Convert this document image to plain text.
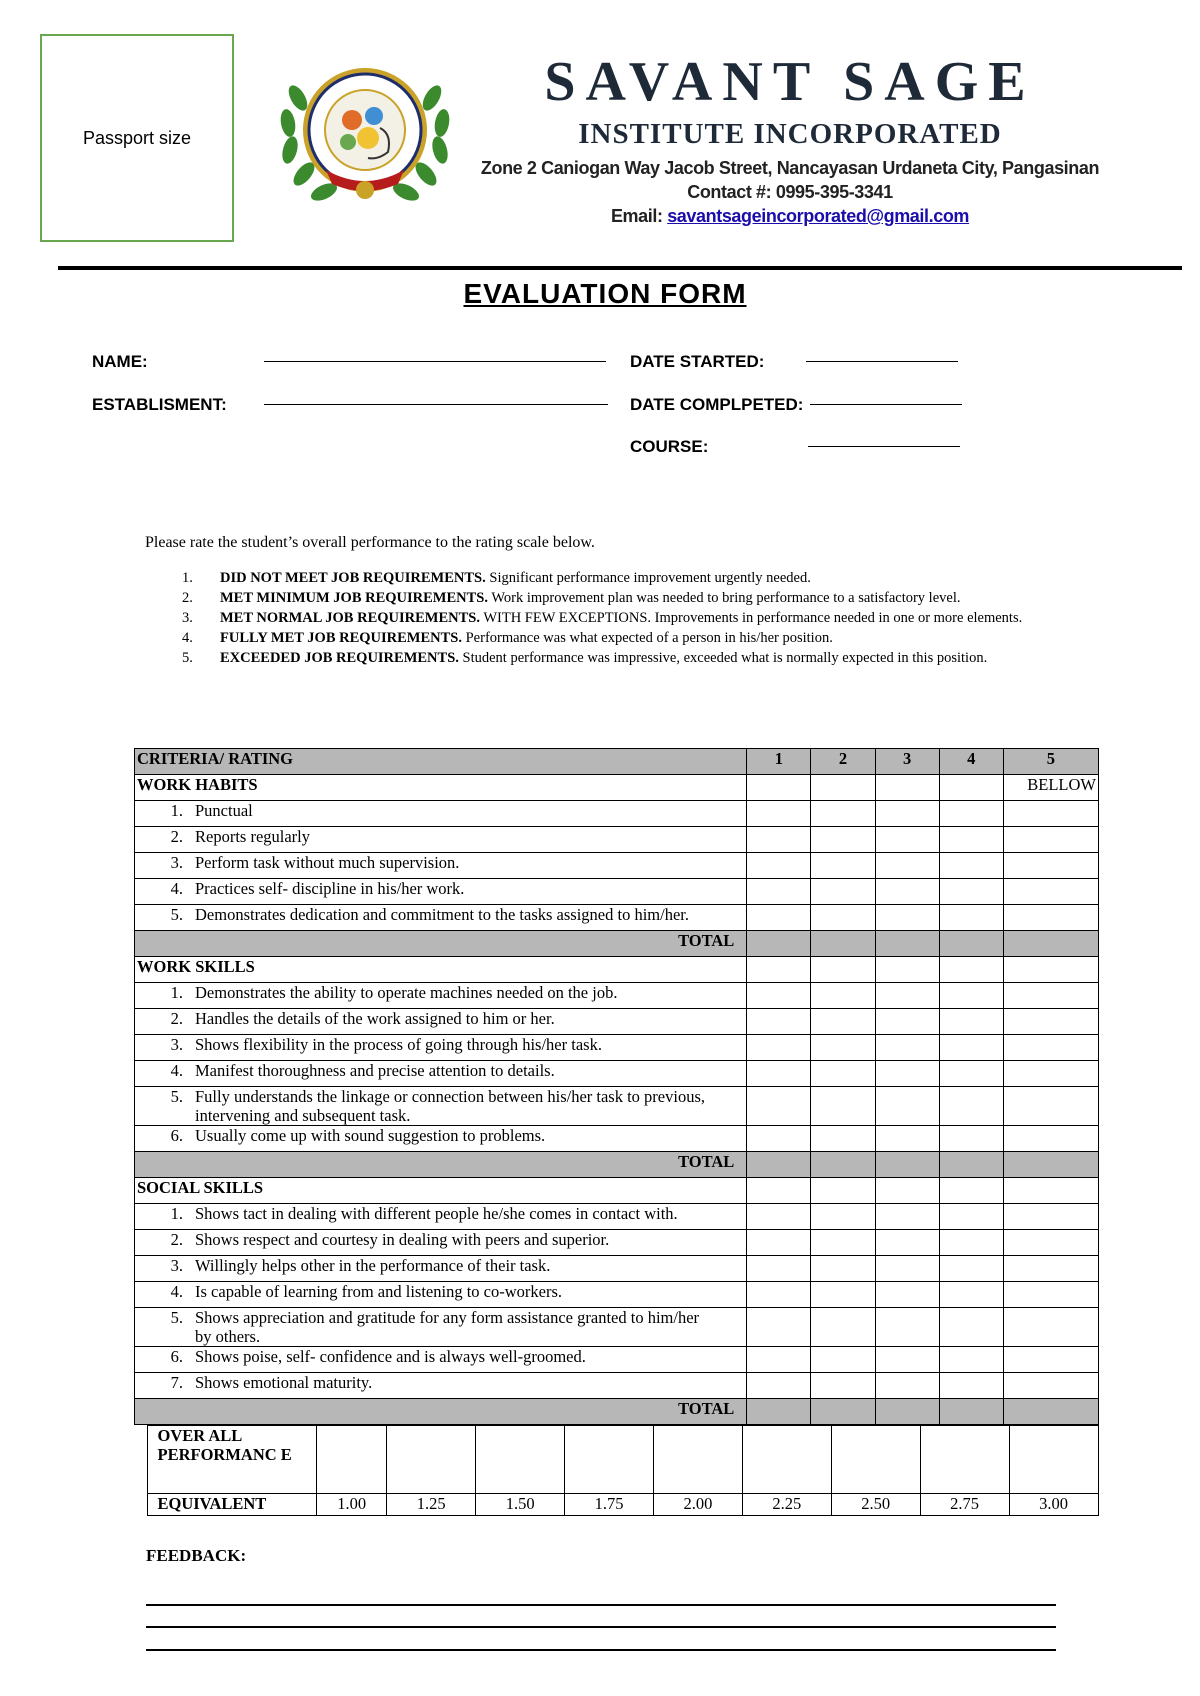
Passport size
SAVANT SAGE
INSTITUTE INCORPORATED
Zone 2 Caniogan Way Jacob Street, Nancayasan Urdaneta City, Pangasinan
Contact #: 0995-395-3341
Email: savantsageincorporated@gmail.com
EVALUATION FORM
NAME:
ESTABLISMENT:
DATE STARTED:
DATE COMPLPETED:
COURSE:
Please rate the student’s overall performance to the rating scale below.
1.	DID NOT MEET JOB REQUIREMENTS. Significant performance improvement urgently needed.
2.	MET MINIMUM JOB REQUIREMENTS. Work improvement plan was needed to bring performance to a satisfactory level.
3.	MET NORMAL JOB REQUIREMENTS. WITH FEW EXCEPTIONS. Improvements in performance needed in one or more elements.
4.	FULLY MET JOB REQUIREMENTS. Performance was what expected of a person in his/her position.
5.	EXCEEDED JOB REQUIREMENTS. Student performance was impressive, exceeded what is normally expected in this position.
CRITERIA/ RATING	1	2	3	4	5
WORK HABITS					BELLOW
1. Punctual					
2. Reports regularly					
3. Perform task without much supervision.					
4. Practices self- discipline in his/her work.					
5. Demonstrates dedication and commitment to the tasks assigned to him/her.					
TOTAL					
WORK SKILLS					
1. Demonstrates the ability to operate machines needed on the job.					
2. Handles the details of the work assigned to him or her.					
3. Shows flexibility in the process of going through his/her task.					
4. Manifest thoroughness and precise attention to details.					
5. Fully understands the linkage or connection between his/her task to previous, intervening and subsequent task.					
6. Usually come up with sound suggestion to problems.					
TOTAL					
SOCIAL SKILLS					
1. Shows tact in dealing with different people he/she comes in contact with.					
2. Shows respect and courtesy in dealing with peers and superior.					
3. Willingly helps other in the performance of their task.					
4. Is capable of learning from and listening to co-workers.					
5. Shows appreciation and gratitude for any form assistance granted to him/her by others.					
6. Shows poise, self- confidence and is always well-groomed.					
7. Shows emotional maturity.					
TOTAL					

OVER ALL PERFORMANC E									
EQUIVALENT	1.00	1.25	1.50	1.75	2.00	2.25	2.50	2.75	3.00
FEEDBACK:
